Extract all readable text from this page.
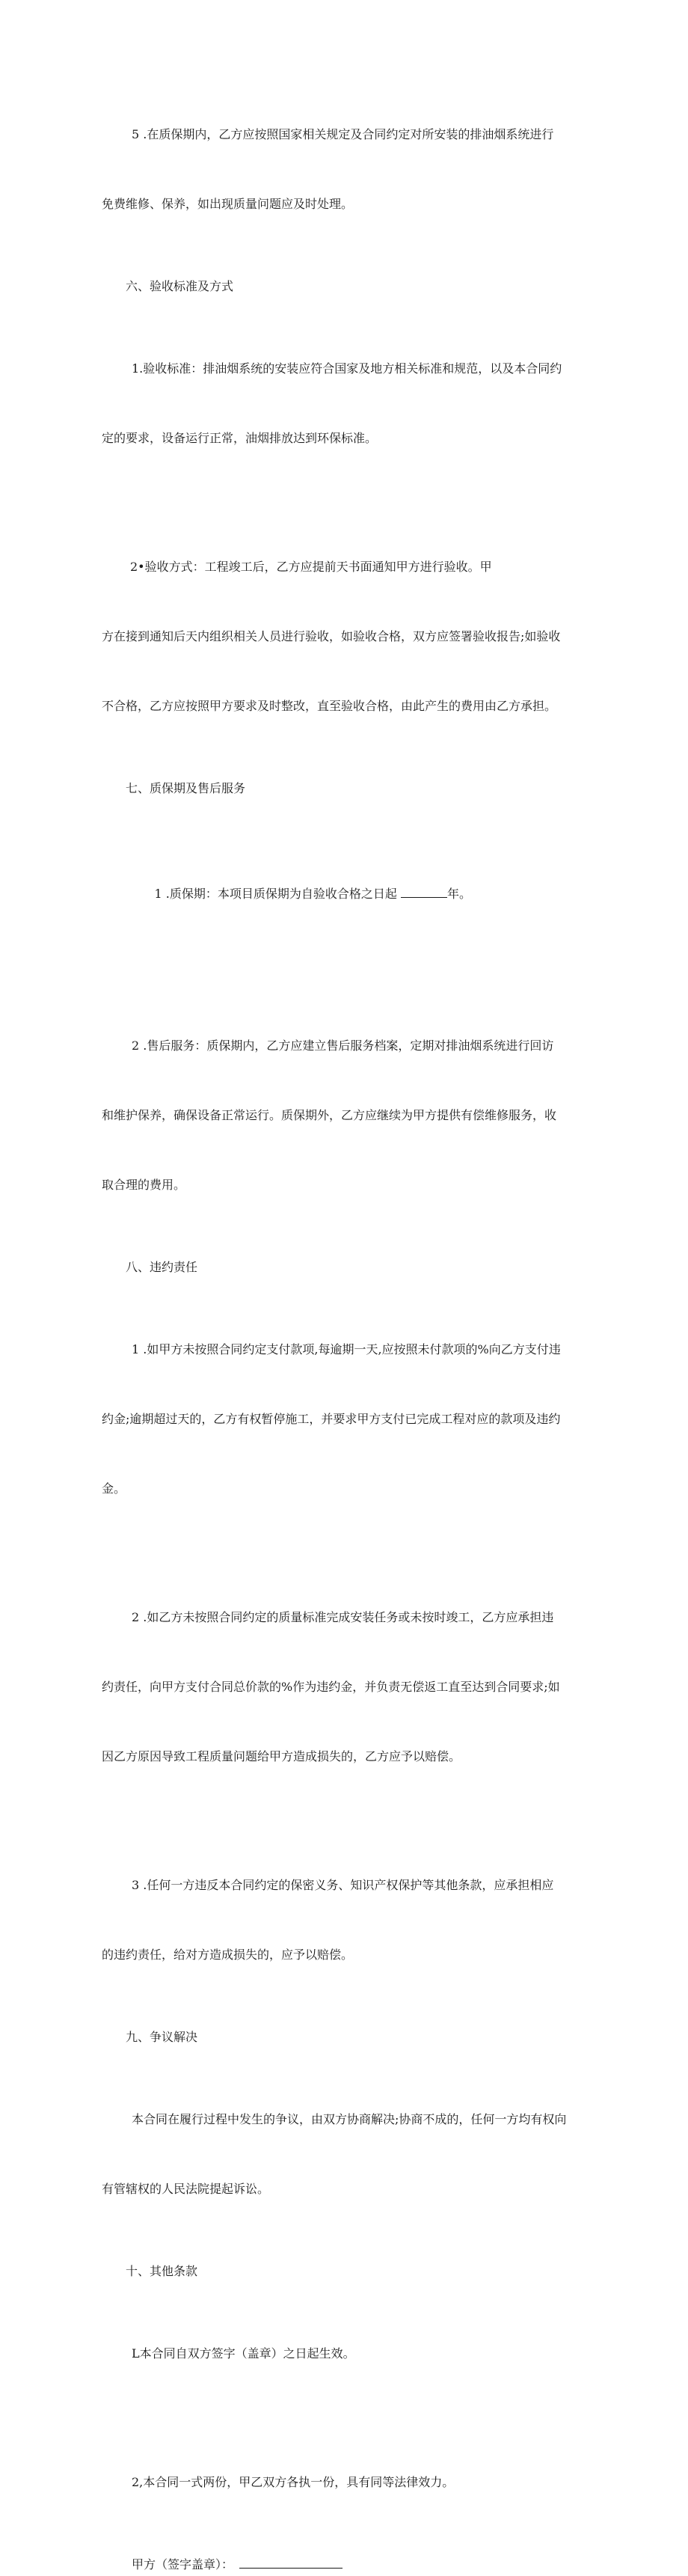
5 .在质保期内，乙方应按照国家相关规定及合同约定对所安装的排油烟系统进行

免费维修、保养，如出现质量问题应及时处理。

六、验收标准及方式

1.验收标准：排油烟系统的安装应符合国家及地方相关标准和规范，以及本合同约

定的要求，设备运行正常，油烟排放达到环保标准。

2•验收方式：工程竣工后，乙方应提前天书面通知甲方进行验收。甲

方在接到通知后天内组织相关人员进行验收，如验收合格，双方应签署验收报告;如验收

不合格，乙方应按照甲方要求及时整改，直至验收合格，由此产生的费用由乙方承担。

七、质保期及售后服务

1 .质保期：本项目质保期为自验收合格之日起	年。

2 .售后服务：质保期内，乙方应建立售后服务档案，定期对排油烟系统进行回访

和维护保养，确保设备正常运行。质保期外，乙方应继续为甲方提供有偿维修服务，收

取合理的费用。

八、违约责任

1 .如甲方未按照合同约定支付款项,每逾期一天,应按照未付款项的%向乙方支付违

约金;逾期超过天的，乙方有权暂停施工，并要求甲方支付已完成工程对应的款项及违约

金。

2 .如乙方未按照合同约定的质量标准完成安装任务或未按时竣工，乙方应承担违

约责任，向甲方支付合同总价款的%作为违约金，并负责无偿返工直至达到合同要求;如

因乙方原因导致工程质量问题给甲方造成损失的，乙方应予以赔偿。

3 .任何一方违反本合同约定的保密义务、知识产权保护等其他条款，应承担相应

的违约责任，给对方造成损失的，应予以赔偿。

九、争议解决

本合同在履行过程中发生的争议，由双方协商解决;协商不成的，任何一方均有权向

有管辖权的人民法院提起诉讼。

十、其他条款

L本合同自双方签字（盖章）之日起生效。

2,本合同一式两份，甲乙双方各执一份，具有同等法律效力。

甲方（签字盖章）：
